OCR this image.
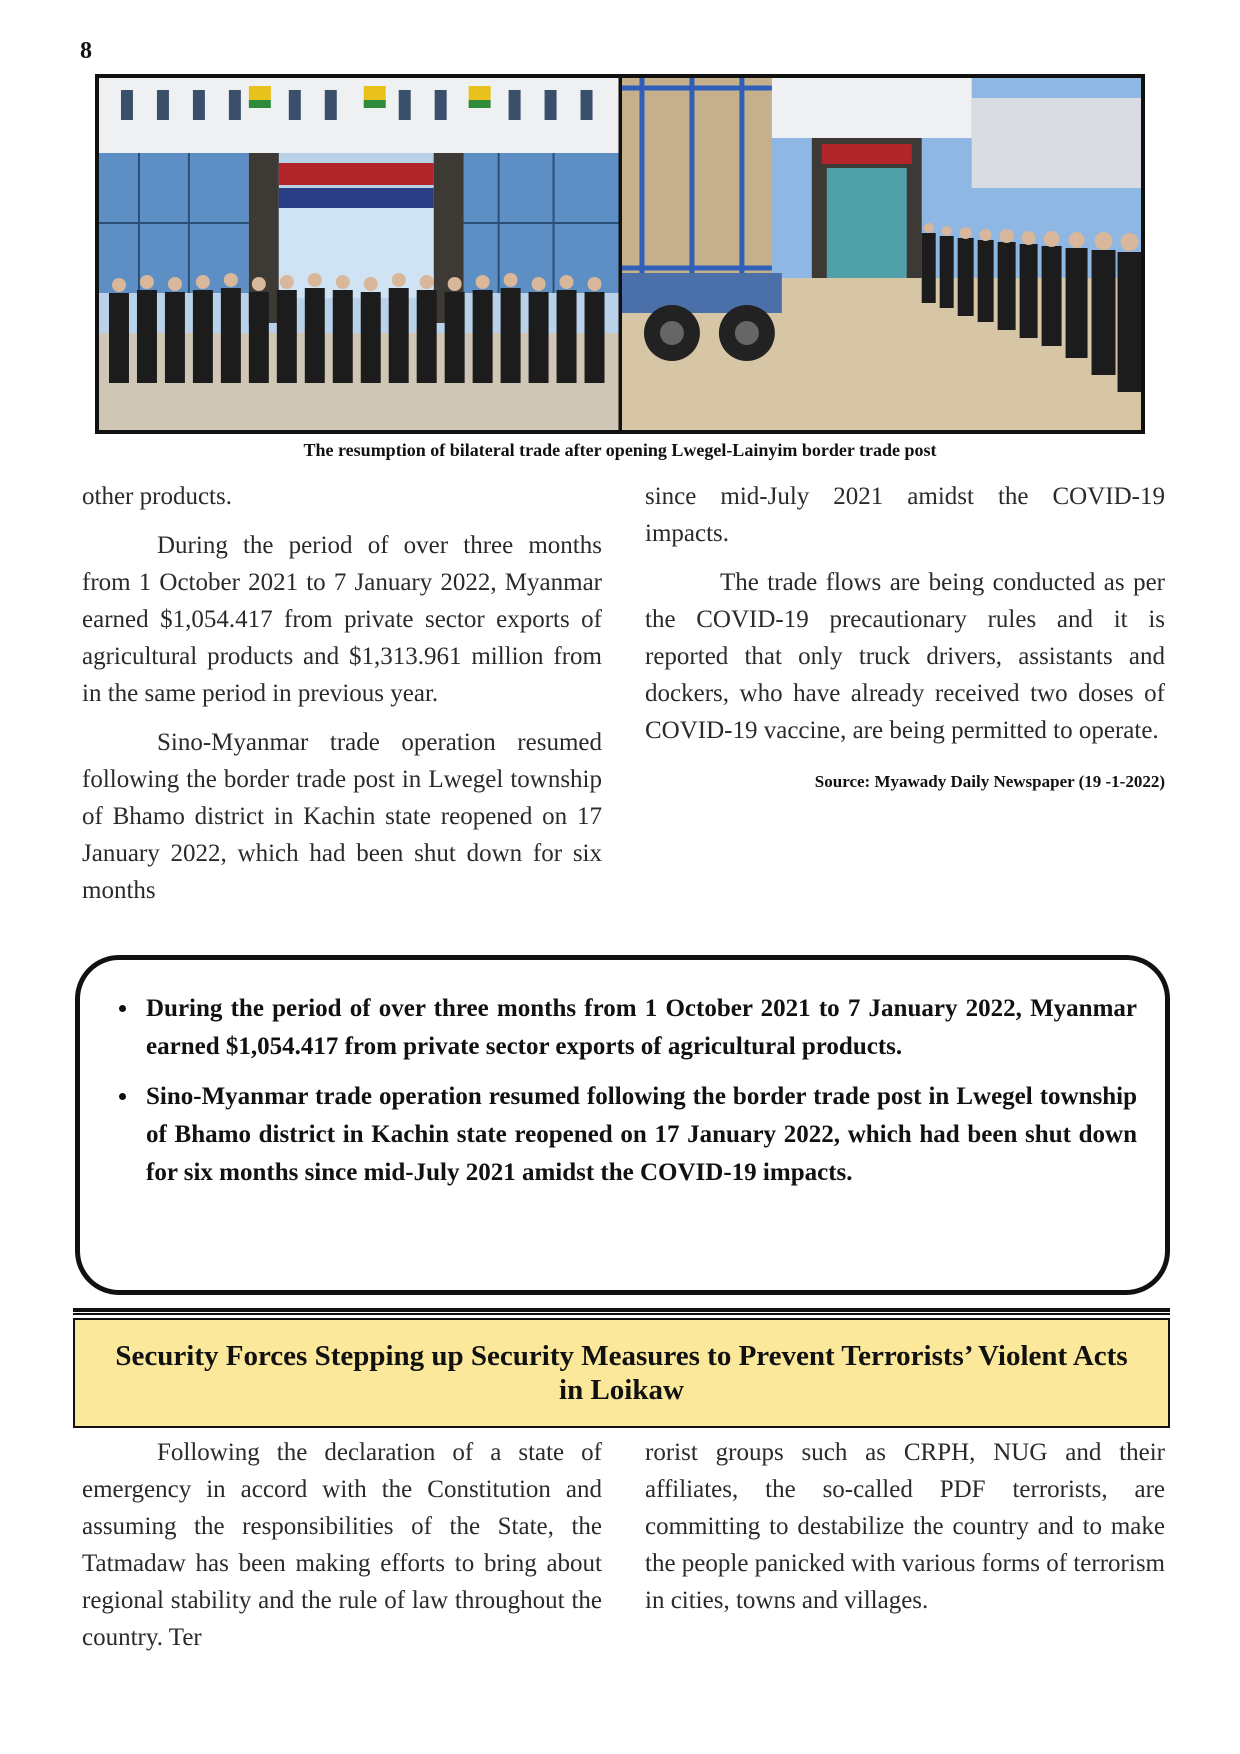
8
The resumption of bilateral trade after opening Lwegel-Lainyim border trade post

other products.

During the period of over three months from 1 October 2021 to 7 January 2022, Myanmar earned $1,054.417 from private sector exports of agricultural products and $1,313.961 million from in the same period in previous year.

Sino-Myanmar trade operation resumed following the border trade post in Lwegel township of Bhamo district in Kachin state reopened on 17 January 2022, which had been shut down for six months

since mid-July 2021 amidst the COVID-19 impacts.

The trade flows are being conducted as per the COVID-19 precautionary rules and it is reported that only truck drivers, assistants and dockers, who have already received two doses of COVID-19 vaccine, are being permitted to operate.

Source: Myawady Daily Newspaper (19 -1-2022)
• During the period of over three months from 1 October 2021 to 7 January 2022, Myanmar earned $1,054.417 from private sector exports of agricultural products.
• Sino-Myanmar trade operation resumed following the border trade post in Lwegel township of Bhamo district in Kachin state reopened on 17 January 2022, which had been shut down for six months since mid-July 2021 amidst the COVID-19 impacts.
Security Forces Stepping up Security Measures to Prevent Terrorists’ Violent Acts in Loikaw

Following the declaration of a state of emergency in accord with the Constitution and assuming the responsibilities of the State, the Tatmadaw has been making efforts to bring about regional stability and the rule of law throughout the country. Ter

rorist groups such as CRPH, NUG and their affiliates, the so-called PDF terrorists, are committing to destabilize the country and to make the people panicked with various forms of terrorism in cities, towns and villages.
